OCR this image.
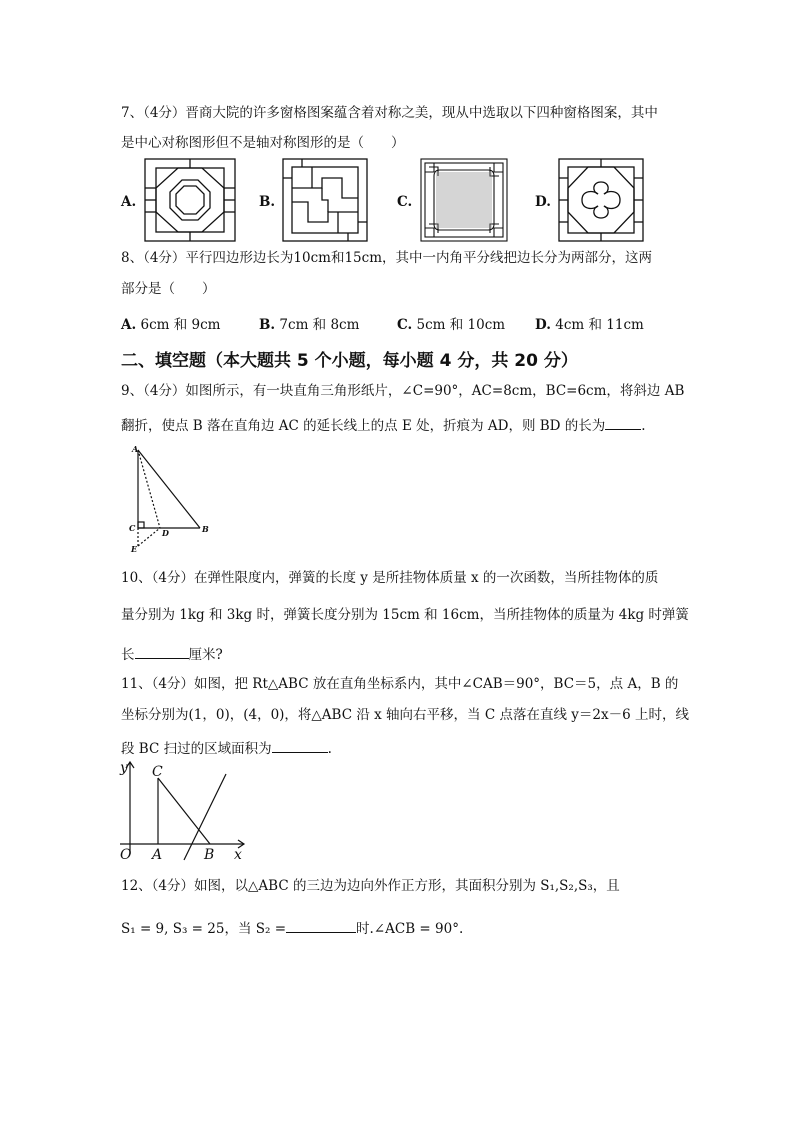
7、（4分）晋商大院的许多窗格图案蕴含着对称之美，现从中选取以下四种窗格图案，其中
是中心对称图形但不是轴对称图形的是（　　）
A.	B.	C.	D.
8、（4分）平行四边形边长为10cm和15cm，其中一内角平分线把边长分为两部分，这两
部分是（　　）
A. 6cm 和 9cm	B. 7cm 和 8cm	C. 5cm 和 10cm D. 4cm 和 11cm
二、填空题（本大题共 5 个小题，每小题 4 分，共 20 分）
9、（4分）如图所示，有一块直角三角形纸片，∠C=90°，AC=8cm，BC=6cm，将斜边 AB
翻折，使点 B 落在直角边 AC 的延长线上的点 E 处，折痕为 AD，则 BD 的长为	.
A
B
C	D
E
10、（4分）在弹性限度内，弹簧的长度 y 是所挂物体质量 x 的一次函数，当所挂物体的质
量分别为 1kg 和 3kg 时，弹簧长度分别为 15cm 和 16cm，当所挂物体的质量为 4kg 时弹簧
长	厘米?
11、（4分）如图，把 Rt△ABC 放在直角坐标系内，其中∠CAB＝90°，BC＝5，点 A，B 的
坐标分别为(1，0)，(4，0)，将△ABC 沿 x 轴向右平移，当 C 点落在直线 y＝2x－6 上时，线
段 BC 扫过的区域面积为	.
y
x
O A	B
C
12、（4分）如图，以△ABC 的三边为边向外作正方形，其面积分别为 S₁,S₂,S₃，且
S₁ = 9, S₃ = 25，当 S₂ =	时.∠ACB = 90°.
